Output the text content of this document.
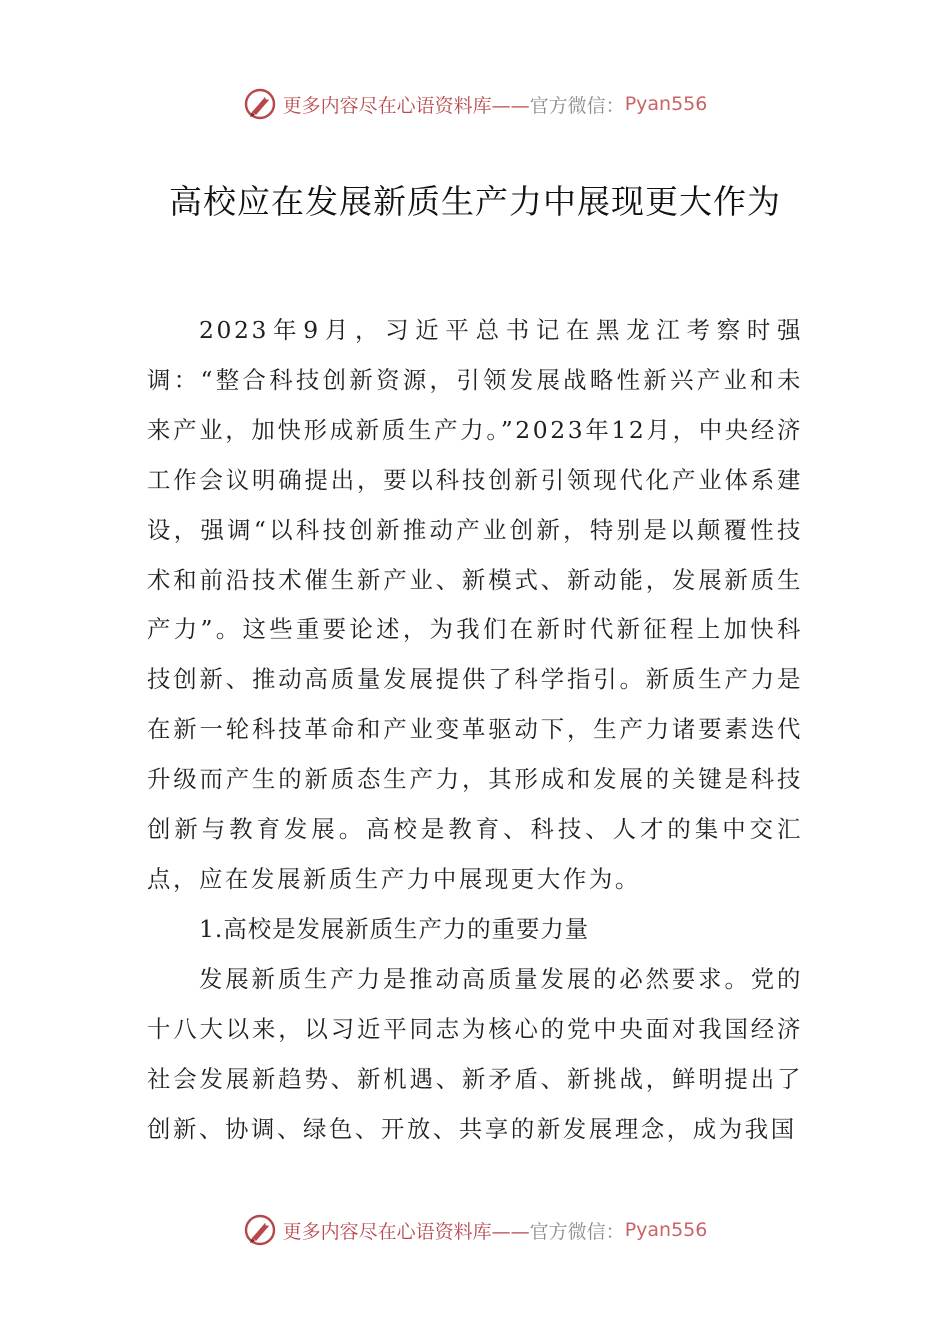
更多内容尽在心语资料库—— 官方微信： Pyan556
高校应在发展新质生产力中展现更大作为

2023年9月，习近平总书记在黑龙江考察时强调：“整合科技创新资源，引领发展战略性新兴产业和未来产业，加快形成新质生产力。”2023年12月，中央经济工作会议明确提出，要以科技创新引领现代化产业体系建设，强调“以科技创新推动产业创新，特别是以颠覆性技术和前沿技术催生新产业、新模式、新动能，发展新质生产力”。这些重要论述，为我们在新时代新征程上加快科技创新、推动高质量发展提供了科学指引。新质生产力是在新一轮科技革命和产业变革驱动下，生产力诸要素迭代升级而产生的新质态生产力，其形成和发展的关键是科技创新与教育发展。高校是教育、科技、人才的集中交汇点，应在发展新质生产力中展现更大作为。

1.高校是发展新质生产力的重要力量

发展新质生产力是推动高质量发展的必然要求。党的十八大以来，以习近平同志为核心的党中央面对我国经济社会发展新趋势、新机遇、新矛盾、新挑战，鲜明提出了创新、协调、绿色、开放、共享的新发展理念，成为我国

更多内容尽在心语资料库—— 官方微信： Pyan556
